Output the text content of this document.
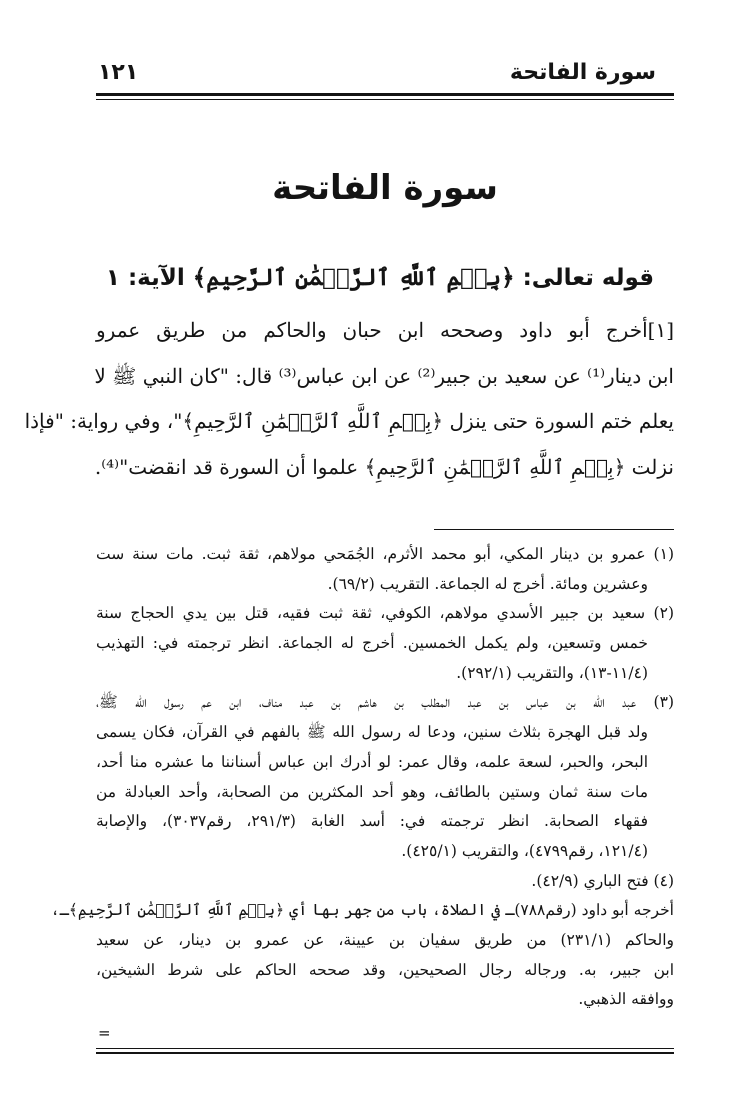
سورة الفاتحة
١٢١
سورة الفاتحة
قوله تعالى: ﴿بِسۡمِ ٱللَّهِ ٱلرَّحۡمَٰنِ ٱلرَّحِيمِ﴾ الآية: ١
[١]أخرج أبو داود وصححه ابن حبان والحاكم من طريق عمرو
ابن دينار⁽¹⁾ عن سعيد بن جبير⁽²⁾ عن ابن عباس⁽³⁾ قال: "كان النبي ﷺ لا
يعلم ختم السورة حتى ينزل ﴿بِسۡمِ ٱللَّهِ ٱلرَّحۡمَٰنِ ٱلرَّحِيمِ﴾"، وفي رواية: "فإذا
نزلت ﴿بِسۡمِ ٱللَّهِ ٱلرَّحۡمَٰنِ ٱلرَّحِيمِ﴾ علموا أن السورة قد انقضت"⁽⁴⁾.
(١) عمرو بن دينار المكي، أبو محمد الأثرم، الجُمَحي مولاهم، ثقة ثبت. مات سنة ست
وعشرين ومائة. أخرج له الجماعة. التقريب (٦٩/٢).
(٢) سعيد بن جبير الأسدي مولاهم، الكوفي، ثقة ثبت فقيه، قتل بين يدي الحجاج سنة
خمس وتسعين، ولم يكمل الخمسين. أخرج له الجماعة. انظر ترجمته في: التهذيب
(١١/٤-١٣)، والتقريب (٢٩٢/١).
(٣) عبد الله بن عباس بن عبد المطلب بن هاشم بن عبد مناف، ابن عم رسول الله ﷺ،
ولد قبل الهجرة بثلاث سنين، ودعا له رسول الله ﷺ بالفهم في القرآن، فكان يسمى
البحر، والحبر، لسعة علمه، وقال عمر: لو أدرك ابن عباس أسناننا ما عشره منا أحد،
مات سنة ثمان وستين بالطائف، وهو أحد المكثرين من الصحابة، وأحد العبادلة من
فقهاء الصحابة. انظر ترجمته في: أسد الغابة (٢٩١/٣، رقم٣٠٣٧)، والإصابة
(١٢١/٤، رقم٤٧٩٩)، والتقريب (٤٢٥/١).
(٤) فتح الباري (٤٢/٩).
أخرجه أبو داود (رقم٧٨٨)ـ في الصلاة، باب من جهر بها أي ﴿بِسۡمِ ٱللَّهِ ٱلرَّحۡمَٰنِ ٱلرَّحِيمِ﴾ـ،
والحاكم (٢٣١/١) من طريق سفيان بن عيينة، عن عمرو بن دينار، عن سعيد
ابن جبير، به. ورجاله رجال الصحيحين، وقد صححه الحاكم على شرط الشيخين،
ووافقه الذهبي.
=
